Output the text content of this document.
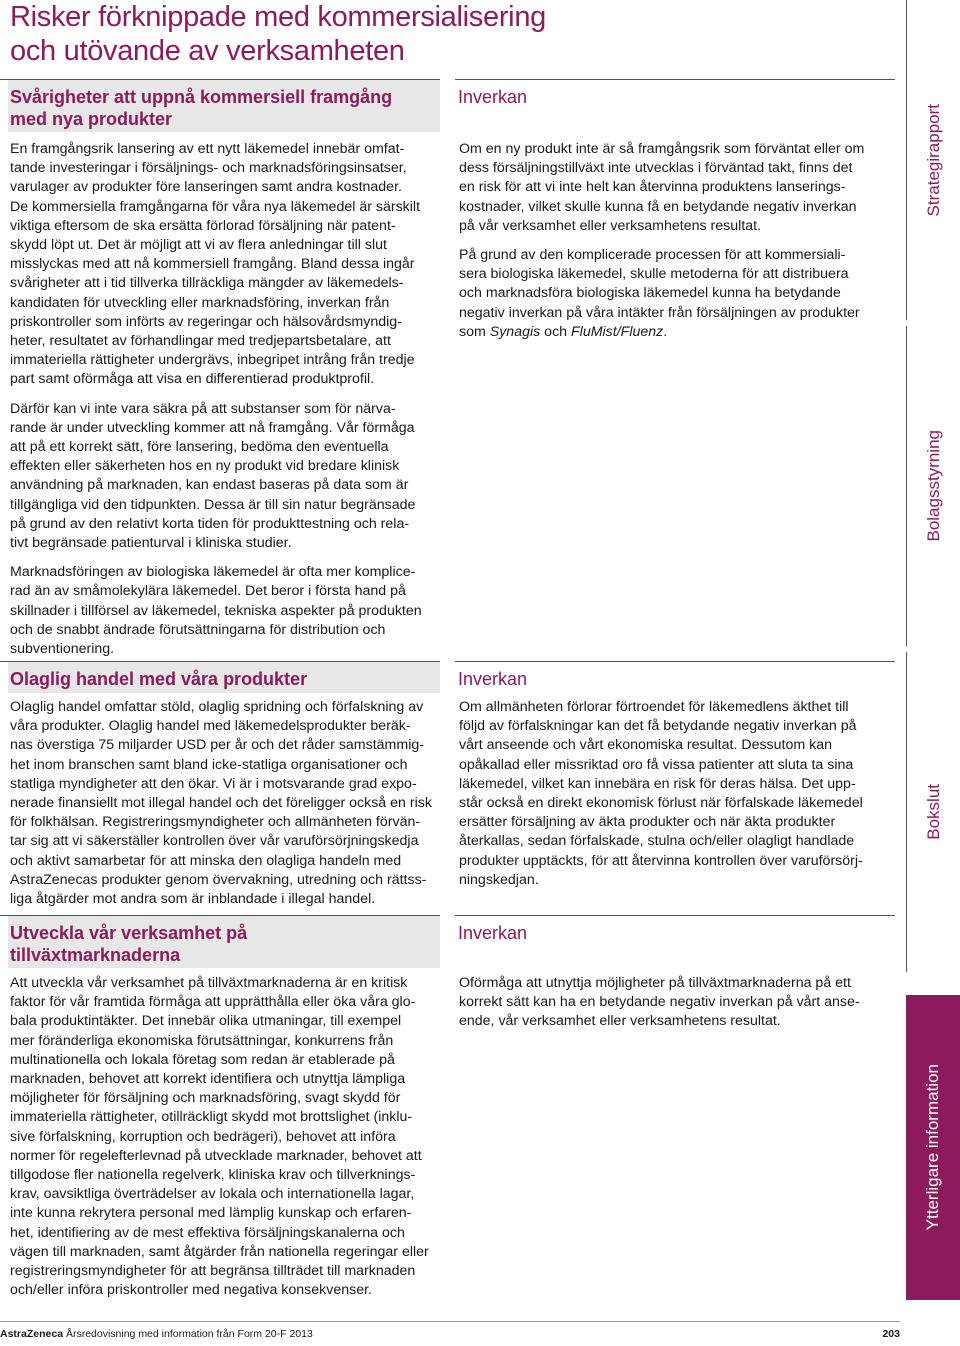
Risker förknippade med kommersialisering
och utövande av verksamheten
Svårigheter att uppnå kommersiell framgång
med nya produkter
Inverkan

En framgångsrik lansering av ett nytt läkemedel innebär omfat-
tande investeringar i försäljnings- och marknadsföringsinsatser,
varulager av produkter före lanseringen samt andra kostnader.
De kommersiella framgångarna för våra nya läkemedel är särskilt
viktiga eftersom de ska ersätta förlorad försäljning när patent-
skydd löpt ut. Det är möjligt att vi av flera anledningar till slut
misslyckas med att nå kommersiell framgång. Bland dessa ingår
svårigheter att i tid tillverka tillräckliga mängder av läkemedels-
kandidaten för utveckling eller marknadsföring, inverkan från
priskontroller som införts av regeringar och hälsovårdsmyndig-
heter, resultatet av förhandlingar med tredjepartsbetalare, att
immateriella rättigheter undergrävs, inbegripet intrång från tredje
part samt oförmåga att visa en differentierad produktprofil.

Därför kan vi inte vara säkra på att substanser som för närva-
rande är under utveckling kommer att nå framgång. Vår förmåga
att på ett korrekt sätt, före lansering, bedöma den eventuella
effekten eller säkerheten hos en ny produkt vid bredare klinisk
användning på marknaden, kan endast baseras på data som är
tillgängliga vid den tidpunkten. Dessa är till sin natur begränsade
på grund av den relativt korta tiden för produkttestning och rela-
tivt begränsade patienturval i kliniska studier.

Marknadsföringen av biologiska läkemedel är ofta mer komplice-
rad än av småmolekylära läkemedel. Det beror i första hand på
skillnader i tillförsel av läkemedel, tekniska aspekter på produkten
och de snabbt ändrade förutsättningarna för distribution och
subventionering.

Om en ny produkt inte är så framgångsrik som förväntat eller om
dess försäljningstillväxt inte utvecklas i förväntad takt, finns det
en risk för att vi inte helt kan återvinna produktens lanserings-
kostnader, vilket skulle kunna få en betydande negativ inverkan
på vår verksamhet eller verksamhetens resultat.

På grund av den komplicerade processen för att kommersiali-
sera biologiska läkemedel, skulle metoderna för att distribuera
och marknadsföra biologiska läkemedel kunna ha betydande
negativ inverkan på våra intäkter från försäljningen av produkter
som Synagis och FluMist/Fluenz.

Olaglig handel med våra produkter	Inverkan

Olaglig handel omfattar stöld, olaglig spridning och förfalskning av
våra produkter. Olaglig handel med läkemedelsprodukter beräk-
nas överstiga 75 miljarder USD per år och det råder samstämmig-
het inom branschen samt bland icke-statliga organisationer och
statliga myndigheter att den ökar. Vi är i motsvarande grad expo-
nerade finansiellt mot illegal handel och det föreligger också en risk
för folkhälsan. Registreringsmyndigheter och allmänheten förvän-
tar sig att vi säkerställer kontrollen över vår varuförsörjningskedja
och aktivt samarbetar för att minska den olagliga handeln med
AstraZenecas produkter genom övervakning, utredning och rättss-
liga åtgärder mot andra som är inblandade i illegal handel.

Om allmänheten förlorar förtroendet för läkemedlens äkthet till
följd av förfalskningar kan det få betydande negativ inverkan på
vårt anseende och vårt ekonomiska resultat. Dessutom kan
opåkallad eller missriktad oro få vissa patienter att sluta ta sina
läkemedel, vilket kan innebära en risk för deras hälsa. Det upp-
står också en direkt ekonomisk förlust när förfalskade läkemedel
ersätter försäljning av äkta produkter och när äkta produkter
återkallas, sedan förfalskade, stulna och/eller olagligt handlade
produkter upptäckts, för att återvinna kontrollen över varuförsörj-
ningskedjan.

Utveckla vår verksamhet på
tillväxtmarknaderna
Inverkan

Att utveckla vår verksamhet på tillväxtmarknaderna är en kritisk
faktor för vår framtida förmåga att upprätthålla eller öka våra glo-
bala produktintäkter. Det innebär olika utmaningar, till exempel
mer föränderliga ekonomiska förutsättningar, konkurrens från
multinationella och lokala företag som redan är etablerade på
marknaden, behovet att korrekt identifiera och utnyttja lämpliga
möjligheter för försäljning och marknadsföring, svagt skydd för
immateriella rättigheter, otillräckligt skydd mot brottslighet (inklu-
sive förfalskning, korruption och bedrägeri), behovet att införa
normer för regelefterlevnad på utvecklade marknader, behovet att
tillgodose fler nationella regelverk, kliniska krav och tillverknings-
krav, oavsiktliga överträdelser av lokala och internationella lagar,
inte kunna rekrytera personal med lämplig kunskap och erfaren-
het, identifiering av de mest effektiva försäljningskanalerna och
vägen till marknaden, samt åtgärder från nationella regeringar eller
registreringsmyndigheter för att begränsa tillträdet till marknaden
och/eller införa priskontroller med negativa konsekvenser.

Oförmåga att utnyttja möjligheter på tillväxtmarknaderna på ett
korrekt sätt kan ha en betydande negativ inverkan på vårt anse-
ende, vår verksamhet eller verksamhetens resultat.

Strategirapport
Bolagsstyrning
Bokslut
Ytterligare information
AstraZeneca Årsredovisning med information från Form 20-F 2013	203
